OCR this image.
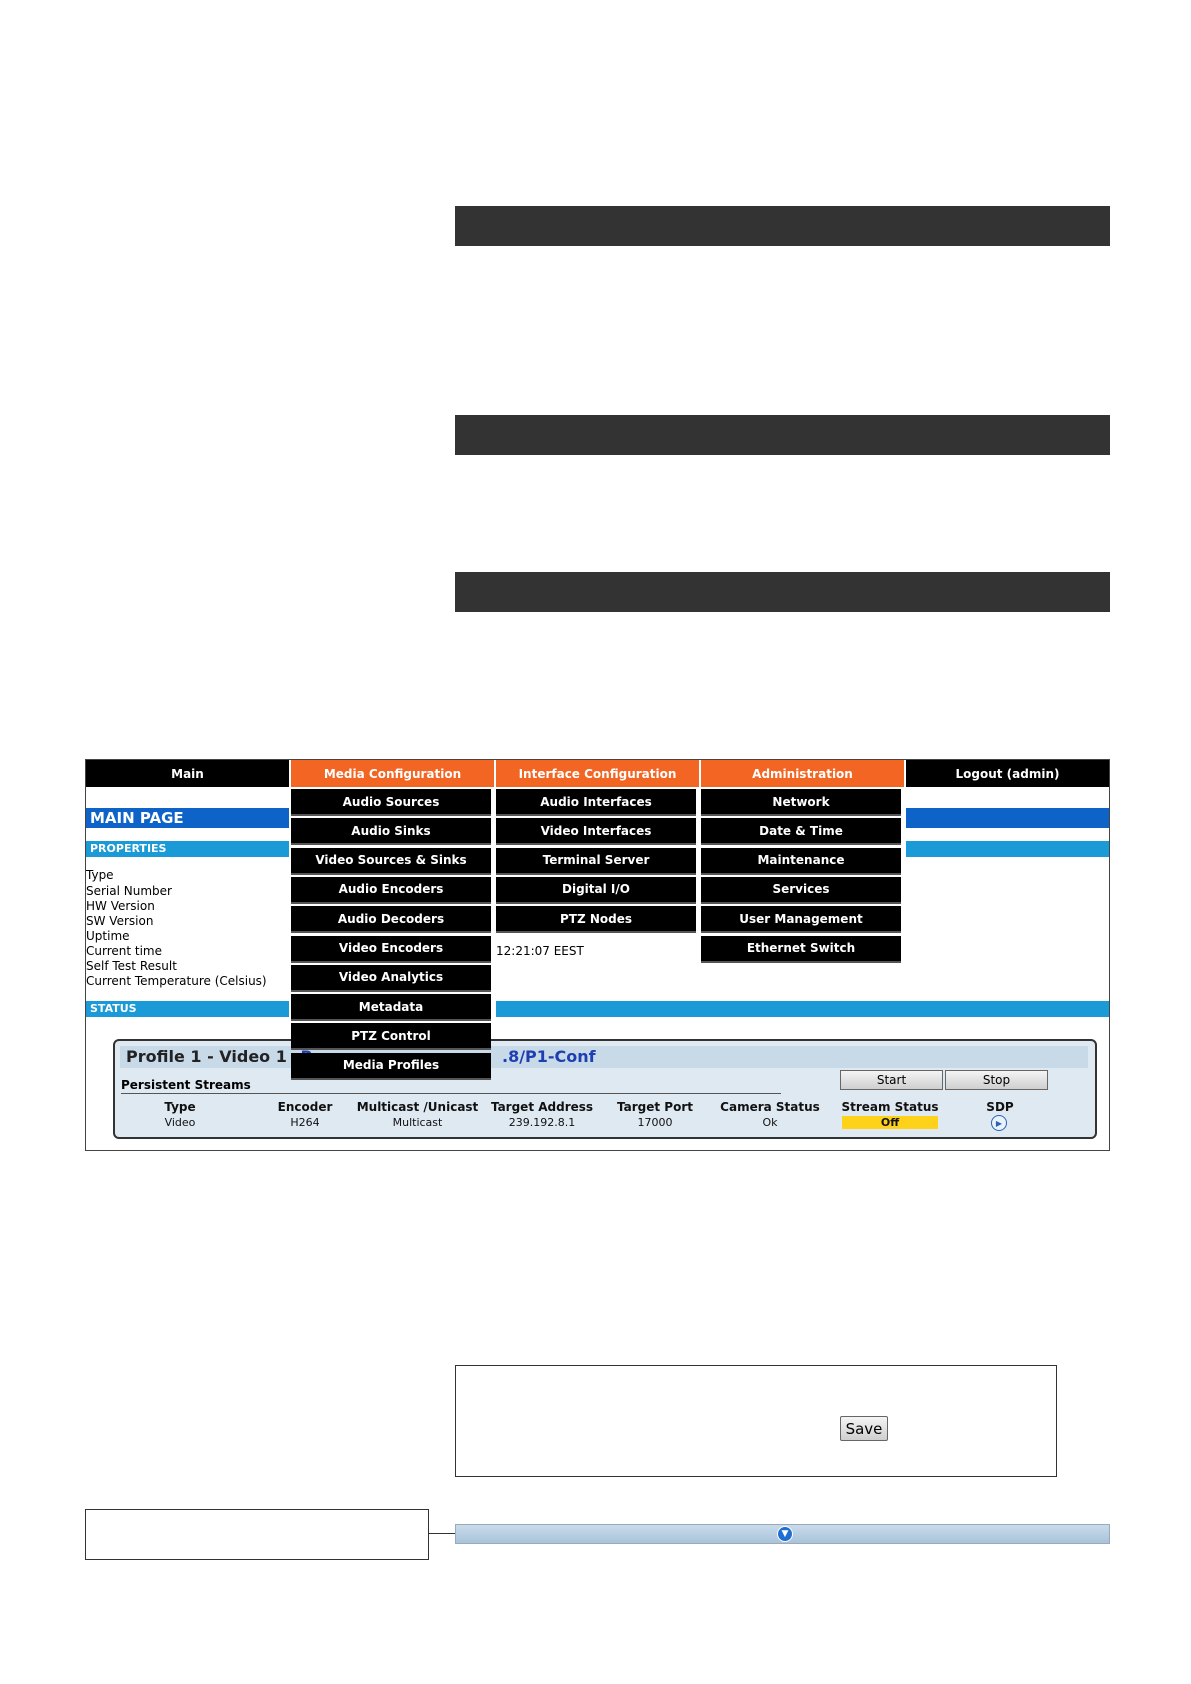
Main	Media Configuration	Interface Configuration	Administration	Logout (admin)
MAIN PAGE
PROPERTIES
Type
Serial Number
HW Version
SW Version
Uptime
Current time
Self Test Result
Current Temperature (Celsius)
12:21:07 EEST
STATUS
Profile 1 - Video 1	.8/P1-Conf
Persistent Streams	Start	Stop
Type	Encoder	Multicast /Unicast	Target Address	Target Port	Camera Status	Stream Status	SDP
Video	H264	Multicast	239.192.8.1	17000	Ok	Off	▶
Audio Sources
Audio Sinks
Video Sources & Sinks
Audio Encoders
Audio Decoders
Video Encoders
Video Analytics
Metadata
PTZ Control
Media Profiles
Audio Interfaces
Video Interfaces
Terminal Server
Digital I/O
PTZ Nodes
Network
Date & Time
Maintenance
Services
User Management
Ethernet Switch
Save
▼
